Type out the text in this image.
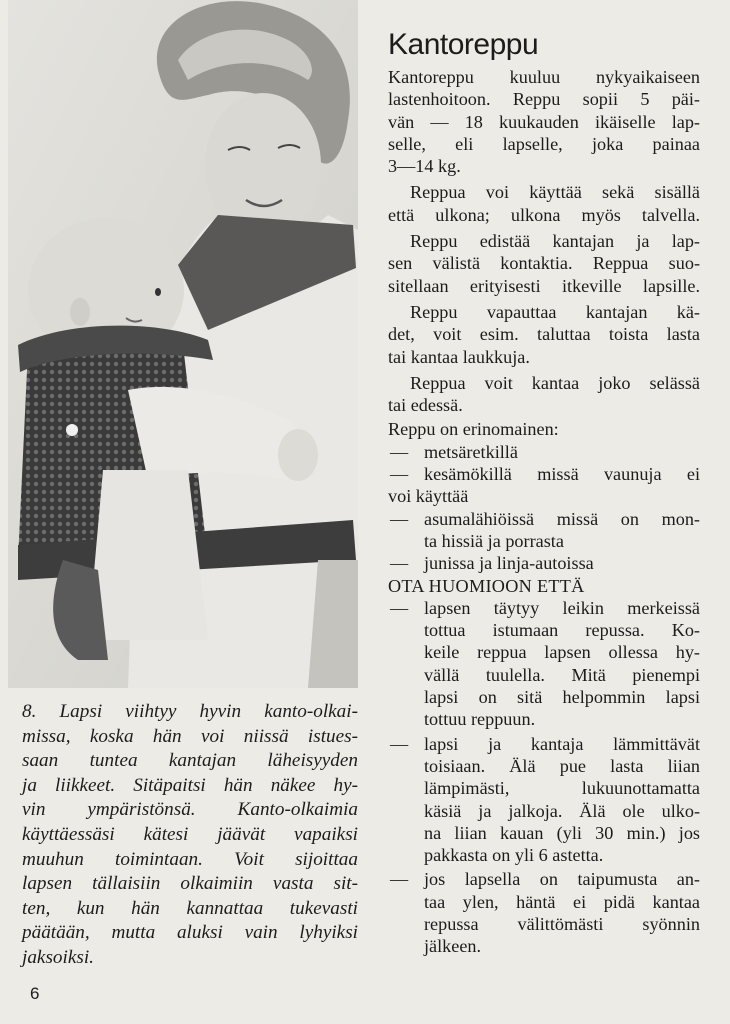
8. Lapsi viihtyy hyvin kanto-olkai-

missa, koska hän voi niissä istues-

saan tuntea kantajan läheisyyden

ja liikkeet. Sitäpaitsi hän näkee hy-

vin ympäristönsä. Kanto-olkaimia

käyttäessäsi kätesi jäävät vapaiksi

muuhun toimintaan. Voit sijoittaa

lapsen tällaisiin olkaimiin vasta sit-

ten, kun hän kannattaa tukevasti

päätään, mutta aluksi vain lyhyiksi

jaksoiksi.

6
Kantoreppu

Kantoreppu kuuluu nykyaikaiseen

lastenhoitoon. Reppu sopii 5 päi-

vän — 18 kuukauden ikäiselle lap-

selle, eli lapselle, joka painaa

3—14 kg.

Reppua voi käyttää sekä sisällä

että ulkona; ulkona myös talvella.

Reppu edistää kantajan ja lap-

sen välistä kontaktia. Reppua suo-

sitellaan erityisesti itkeville lapsille.

Reppu vapauttaa kantajan kä-

det, voit esim. taluttaa toista lasta

tai kantaa laukkuja.

Reppua voit kantaa joko selässä

tai edessä.

Reppu on erinomainen:

— metsäretkillä
— kesämökillä missä vaunuja ei
voi käyttää
— asumalähiöissä missä on mon-
ta hissiä ja porrasta
— junissa ja linja-autoissa

OTA HUOMIOON ETTÄ

— lapsen täytyy leikin merkeissä
tottua istumaan repussa. Ko-
keile reppua lapsen ollessa hy-
vällä tuulella. Mitä pienempi
lapsi on sitä helpommin lapsi
tottuu reppuun.
— lapsi ja kantaja lämmittävät
toisiaan. Älä pue lasta liian
lämpimästi, lukuunottamatta
käsiä ja jalkoja. Älä ole ulko-
na liian kauan (yli 30 min.) jos
pakkasta on yli 6 astetta.
— jos lapsella on taipumusta an-
taa ylen, häntä ei pidä kantaa
repussa välittömästi syönnin
jälkeen.
